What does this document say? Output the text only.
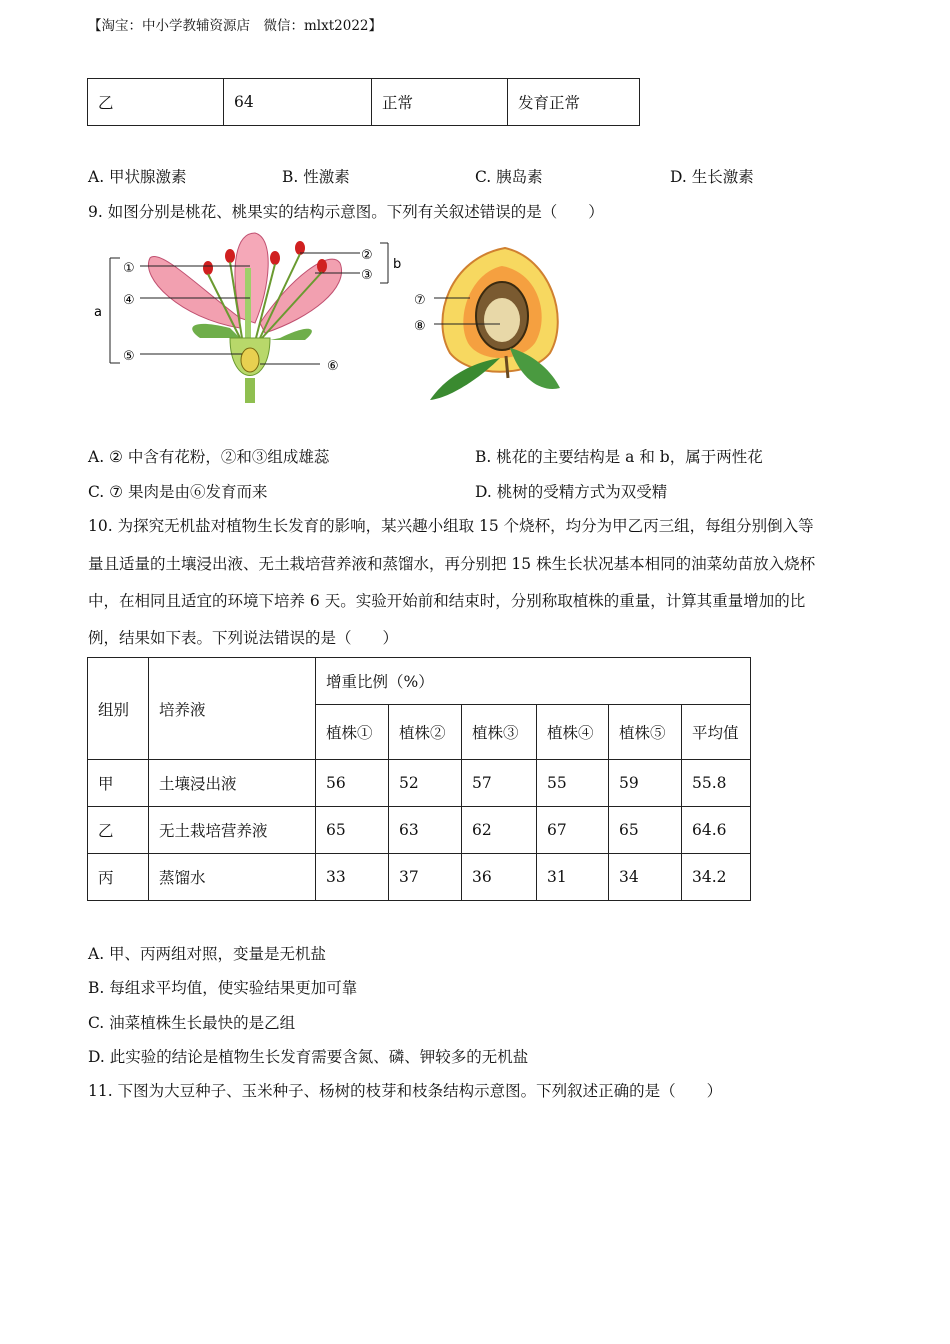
【淘宝：中小学教辅资源店　微信：mlxt2022】
乙	64	正常	发育正常
A. 甲状腺激素	B. 性激素	C. 胰岛素	D. 生长激素
9. 如图分别是桃花、桃果实的结构示意图。下列有关叙述错误的是（　　）
①
②
③
④
⑤
⑥
a
b
⑦
⑧
A. ② 中含有花粉，②和③组成雄蕊	B. 桃花的主要结构是 a 和 b，属于两性花
C. ⑦ 果肉是由⑥发育而来	D. 桃树的受精方式为双受精
10. 为探究无机盐对植物生长发育的影响，某兴趣小组取 15 个烧杯，均分为甲乙丙三组，每组分别倒入等
量且适量的土壤浸出液、无土栽培营养液和蒸馏水，再分别把 15 株生长状况基本相同的油菜幼苗放入烧杯
中，在相同且适宜的环境下培养 6 天。实验开始前和结束时，分别称取植株的重量，计算其重量增加的比
例，结果如下表。下列说法错误的是（　　）
组别	培养液	增重比例（%）					
		植株①	植株②	植株③	植株④	植株⑤	平均值
甲	土壤浸出液	56	52	57	55	59	55.8
乙	无土栽培营养液	65	63	62	67	65	64.6
丙	蒸馏水	33	37	36	31	34	34.2
A. 甲、丙两组对照，变量是无机盐
B. 每组求平均值，使实验结果更加可靠
C. 油菜植株生长最快的是乙组
D. 此实验的结论是植物生长发育需要含氮、磷、钾较多的无机盐
11. 下图为大豆种子、玉米种子、杨树的枝芽和枝条结构示意图。下列叙述正确的是（　　）
